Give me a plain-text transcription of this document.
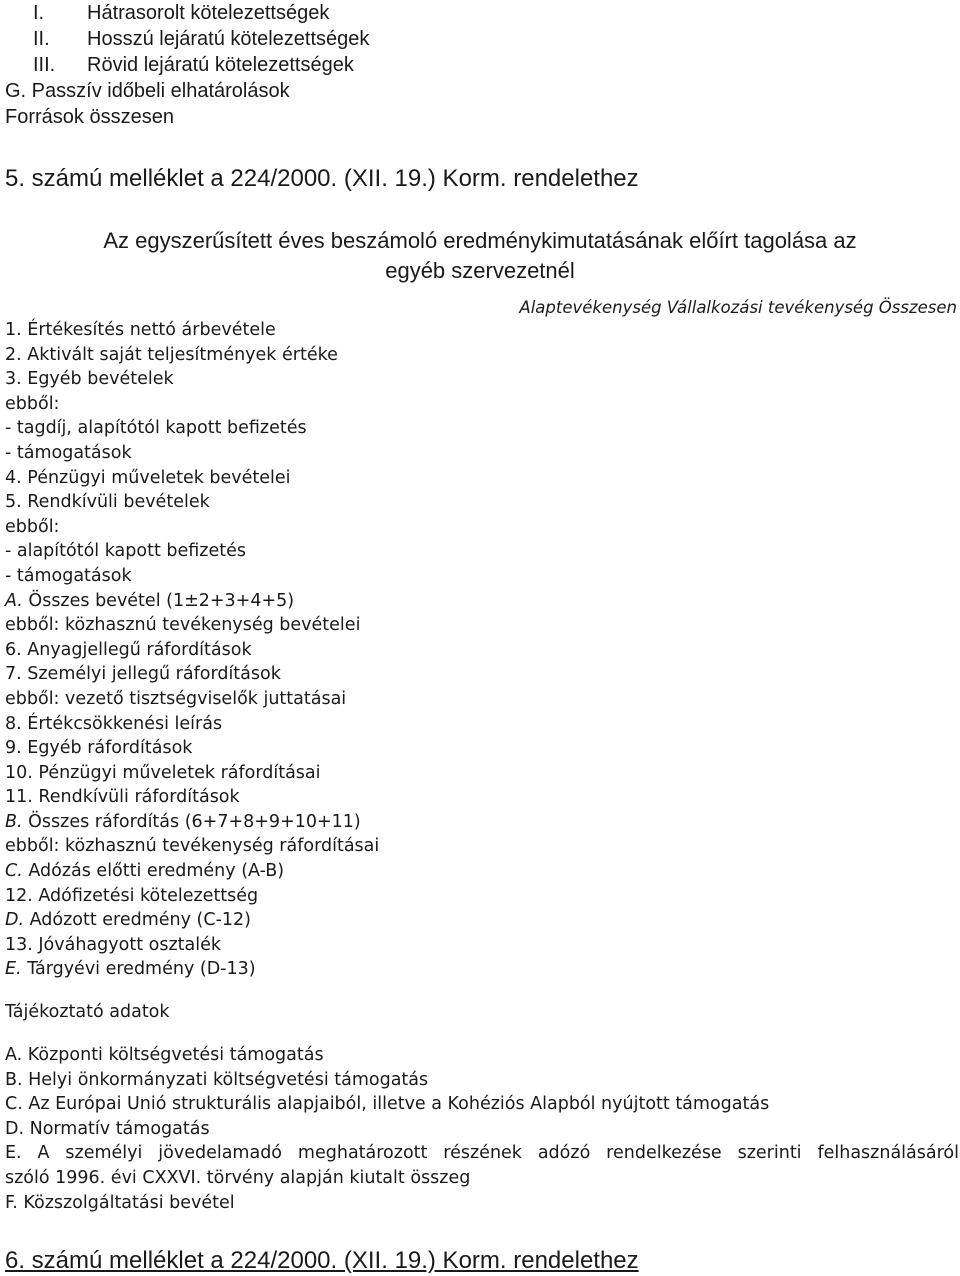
I. Hátrasorolt kötelezettségek
II. Hosszú lejáratú kötelezettségek
III. Rövid lejáratú kötelezettségek
G. Passzív időbeli elhatárolások
Források összesen
5. számú melléklet a 224/2000. (XII. 19.) Korm. rendelethez
Az egyszerűsített éves beszámoló eredménykimutatásának előírt tagolása az
egyéb szervezetnél
Alaptevékenység Vállalkozási tevékenység Összesen
1. Értékesítés nettó árbevétele
2. Aktivált saját teljesítmények értéke
3. Egyéb bevételek
ebből:
- tagdíj, alapítótól kapott befizetés
- támogatások
4. Pénzügyi műveletek bevételei
5. Rendkívüli bevételek
ebből:
- alapítótól kapott befizetés
- támogatások
A. Összes bevétel (1±2+3+4+5)
ebből: közhasznú tevékenység bevételei
6. Anyagjellegű ráfordítások
7. Személyi jellegű ráfordítások
ebből: vezető tisztségviselők juttatásai
8. Értékcsökkenési leírás
9. Egyéb ráfordítások
10. Pénzügyi műveletek ráfordításai
11. Rendkívüli ráfordítások
B. Összes ráfordítás (6+7+8+9+10+11)
ebből: közhasznú tevékenység ráfordításai
C. Adózás előtti eredmény (A-B)
12. Adófizetési kötelezettség
D. Adózott eredmény (C-12)
13. Jóváhagyott osztalék
E. Tárgyévi eredmény (D-13)
Tájékoztató adatok
A. Központi költségvetési támogatás
B. Helyi önkormányzati költségvetési támogatás
C. Az Európai Unió strukturális alapjaiból, illetve a Kohéziós Alapból nyújtott támogatás
D. Normatív támogatás
E. A személyi jövedelamadó meghatározott részének adózó rendelkezése szerinti felhasználásáról
szóló 1996. évi CXXVI. törvény alapján kiutalt összeg
F. Közszolgáltatási bevétel
6. számú melléklet a 224/2000. (XII. 19.) Korm. rendelethez
